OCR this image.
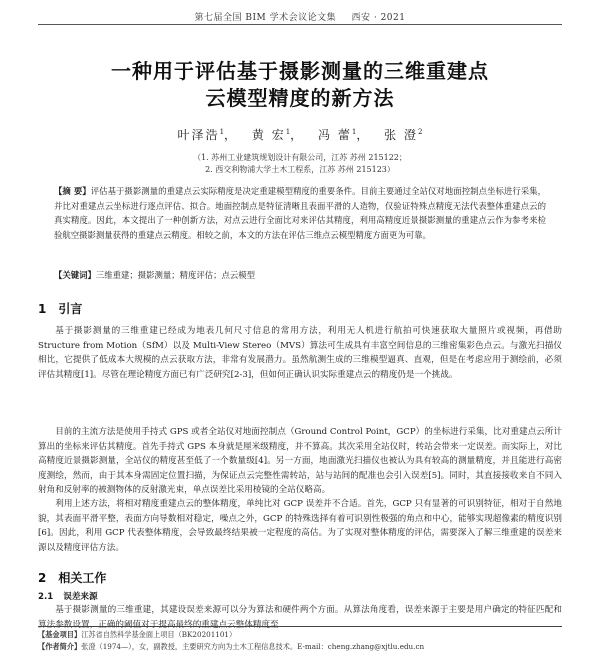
第七届全国 BIM 学术会议论文集 西安 · 2021
一种用于评估基于摄影测量的三维重建点
云模型精度的新方法
叶泽浩$^1$， 黄 宏$^1$， 冯 蕾$^1$， 张 澄$^2$
（1. 苏州工业建筑规划设计有限公司，江苏 苏州 215122；
2. 西交利物浦大学土木工程系，江苏 苏州 215123）
【摘 要】评估基于摄影测量的重建点云实际精度是决定重建模型精度的重要条件。目前主要通过全站仪对地面控制点坐标进行采集，并比对重建点云坐标进行逐点评估、拟合。地面控制点是特征清晰且表面平滑的人造物，仅验证特殊点精度无法代表整体重建点云的真实精度。因此，本文提出了一种创新方法，对点云进行全面比对来评估其精度，利用高精度近景摄影测量的重建点云作为参考来检验航空摄影测量获得的重建点云精度。相较之前，本文的方法在评估三维点云模型精度方面更为可靠。
【关键词】三维重建；摄影测量；精度评估；点云模型
1 引言
基于摄影测量的三维重建已经成为地表几何尺寸信息的常用方法，利用无人机进行航拍可快速获取大量照片或视频，再借助 Structure from Motion（SfM）以及 Multi-View Stereo（MVS）算法可生成具有丰富空间信息的三维密集彩色点云。与激光扫描仪相比，它提供了低成本大规模的点云获取方法，非常有发展潜力。虽然航测生成的三维模型逼真、直观，但是在考虑应用于测绘前，必须评估其精度[1]。尽管在理论精度方面已有广泛研究[2-3]，但如何正确认识实际重建点云的精度仍是一个挑战。
目前的主流方法是使用手持式 GPS 或者全站仪对地面控制点（Ground Control Point，GCP）的坐标进行采集，比对重建点云所计算出的坐标来评估其精度。首先手持式 GPS 本身就是厘米级精度，并不算高。其次采用全站仪时，转站会带来一定误差。而实际上，对比高精度近景摄影测量，全站仪的精度甚至低了一个数量级[4]。另一方面，地面激光扫描仪也被认为具有较高的测量精度，并且能进行高密度测绘，然而，由于其本身需固定位置扫描，为保证点云完整性需转站，站与站间的配准也会引入误差[5]。同时，其直接接收来自不同入射角和反射率的被测物体的反射激光束，单点误差比采用棱镜的全站仪略高。
利用上述方法，将相对精度重建点云的整体精度，单纯比对 GCP 误差并不合适。首先，GCP 只有显著的可识别特征，相对于自然地貌，其表面平滑平整，表面方向导数相对稳定，噪点之外，GCP 的特殊选择有着可识别性极强的角点和中心，能够实现超像素的精度识别[6]。因此，利用 GCP 代表整体精度，会导致最终结果被一定程度的高估。为了实现对整体精度的评估，需要深入了解三维重建的误差来源以及精度评估方法。
2 相关工作
2.1 误差来源
基于摄影测量的三维重建，其建设误差来源可以分为算法和硬件两个方面。从算法角度看，误差来源于主要是用户确定的特征匹配和算法参数设置，正确的阈值对于提高最终的重建点云整体精度至
【基金项目】江苏省自然科学基金面上项目（BK20201101）
【作者简介】张澄（1974—），女，副教授，主要研究方向为土木工程信息技术。E-mail：cheng.zhang@xjtlu.edu.cn
